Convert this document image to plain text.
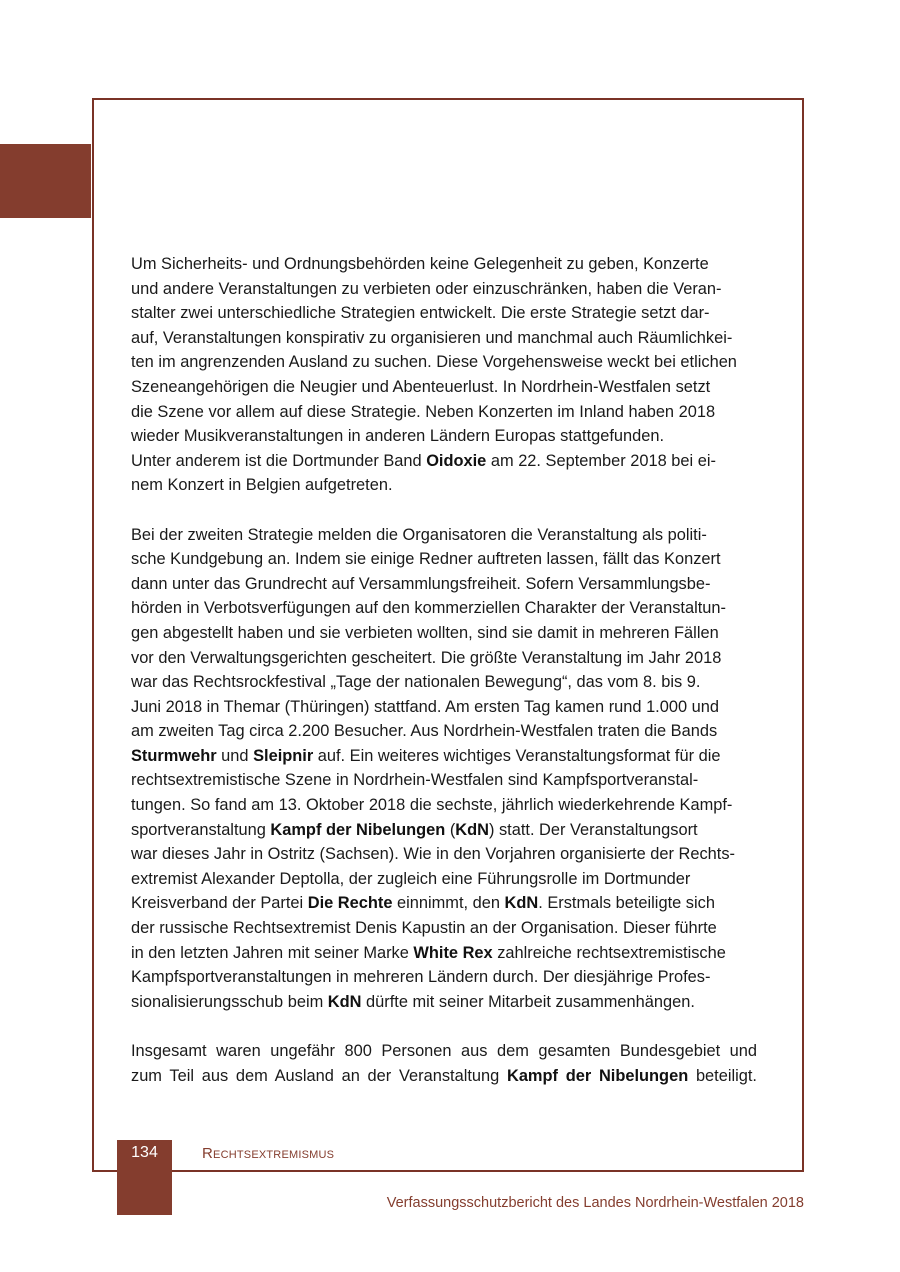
Um Sicherheits- und Ordnungsbehörden keine Gelegenheit zu geben, Konzerte
und andere Veranstaltungen zu verbieten oder einzuschränken, haben die Veran-
stalter zwei unterschiedliche Strategien entwickelt. Die erste Strategie setzt dar-
auf, Veranstaltungen konspirativ zu organisieren und manchmal auch Räumlichkei-
ten im angrenzenden Ausland zu suchen. Diese Vorgehensweise weckt bei etlichen
Szeneangehörigen die Neugier und Abenteuerlust. In Nordrhein-Westfalen setzt
die Szene vor allem auf diese Strategie. Neben Konzerten im Inland haben 2018
wieder Musikveranstaltungen in anderen Ländern Europas stattgefunden.
Unter anderem ist die Dortmunder Band Oidoxie am 22. September 2018 bei ei-
nem Konzert in Belgien aufgetreten.

Bei der zweiten Strategie melden die Organisatoren die Veranstaltung als politi-
sche Kundgebung an. Indem sie einige Redner auftreten lassen, fällt das Konzert
dann unter das Grundrecht auf Versammlungsfreiheit. Sofern Versammlungsbe-
hörden in Verbotsverfügungen auf den kommerziellen Charakter der Veranstaltun-
gen abgestellt haben und sie verbieten wollten, sind sie damit in mehreren Fällen
vor den Verwaltungsgerichten gescheitert. Die größte Veranstaltung im Jahr 2018
war das Rechtsrockfestival „Tage der nationalen Bewegung“, das vom 8. bis 9.
Juni 2018 in Themar (Thüringen) stattfand. Am ersten Tag kamen rund 1.000 und
am zweiten Tag circa 2.200 Besucher. Aus Nordrhein-Westfalen traten die Bands
Sturmwehr und Sleipnir auf. Ein weiteres wichtiges Veranstaltungsformat für die
rechtsextremistische Szene in Nordrhein-Westfalen sind Kampfsportveranstal-
tungen. So fand am 13. Oktober 2018 die sechste, jährlich wiederkehrende Kampf-
sportveranstaltung Kampf der Nibelungen (KdN) statt. Der Veranstaltungsort
war dieses Jahr in Ostritz (Sachsen). Wie in den Vorjahren organisierte der Rechts-
extremist Alexander Deptolla, der zugleich eine Führungsrolle im Dortmunder
Kreisverband der Partei Die Rechte einnimmt, den KdN. Erstmals beteiligte sich
der russische Rechtsextremist Denis Kapustin an der Organisation. Dieser führte
in den letzten Jahren mit seiner Marke White Rex zahlreiche rechtsextremistische
Kampfsportveranstaltungen in mehreren Ländern durch. Der diesjährige Profes-
sionalisierungsschub beim KdN dürfte mit seiner Mitarbeit zusammenhängen.

Insgesamt waren ungefähr 800 Personen aus dem gesamten Bundesgebiet und
zum Teil aus dem Ausland an der Veranstaltung Kampf der Nibelungen beteiligt.

134	Rechtsextremismus
Verfassungsschutzbericht des Landes Nordrhein-Westfalen 2018
